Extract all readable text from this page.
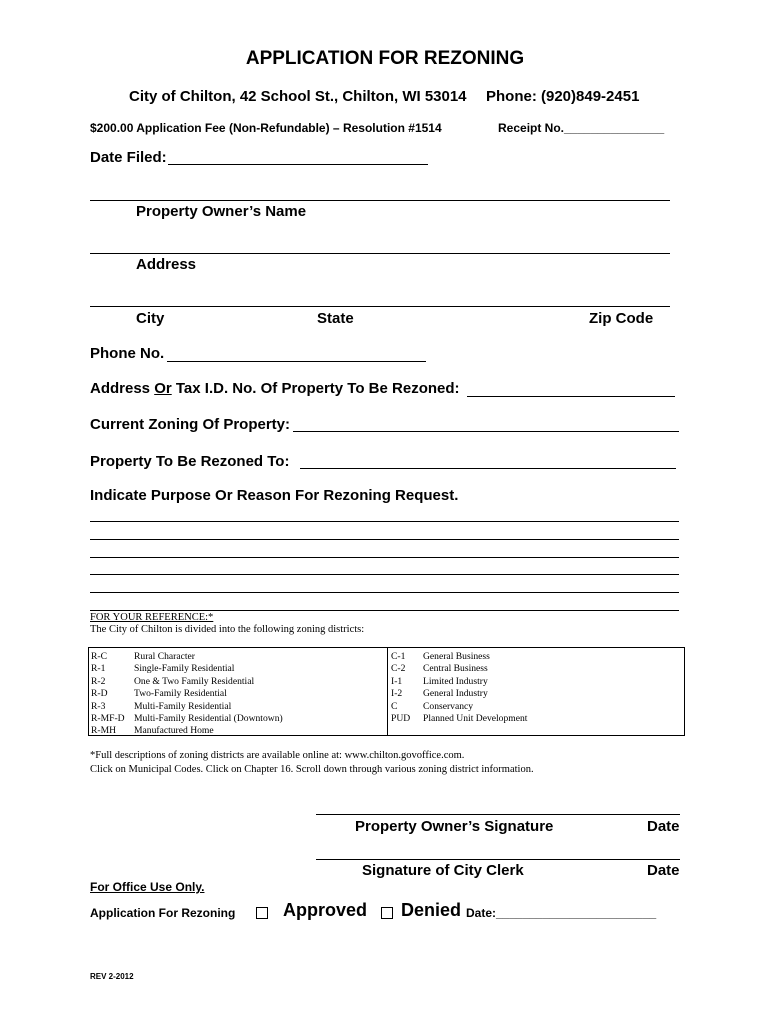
APPLICATION FOR REZONING
City of Chilton, 42 School St., Chilton, WI 53014 Phone: (920)849-2451
$200.00 Application Fee (Non-Refundable) – Resolution #1514	Receipt No._______________
Date Filed:
Property Owner’s Name
Address
City	State	Zip Code
Phone No.
Address Or Tax I.D. No. Of Property To Be Rezoned:
Current Zoning Of Property:
Property To Be Rezoned To:
Indicate Purpose Or Reason For Rezoning Request.
FOR YOUR REFERENCE:*
The City of Chilton is divided into the following zoning districts:
R-C	Rural Character
R-1	Single-Family Residential
R-2	One & Two Family Residential
R-D	Two-Family Residential
R-3	Multi-Family Residential
R-MF-D Multi-Family Residential (Downtown)
R-MH Manufactured Home
C-1 General Business
C-2 Central Business
I-1 Limited Industry
I-2 General Industry
C	Conservancy
PUD Planned Unit Development
*Full descriptions of zoning districts are available online at: www.chilton.govoffice.com.
Click on Municipal Codes. Click on Chapter 16. Scroll down through various zoning district information.
Property Owner’s Signature	Date
Signature of City Clerk	Date
For Office Use Only.
Application For Rezoning	Approved Denied Date:________________________
REV 2-2012
